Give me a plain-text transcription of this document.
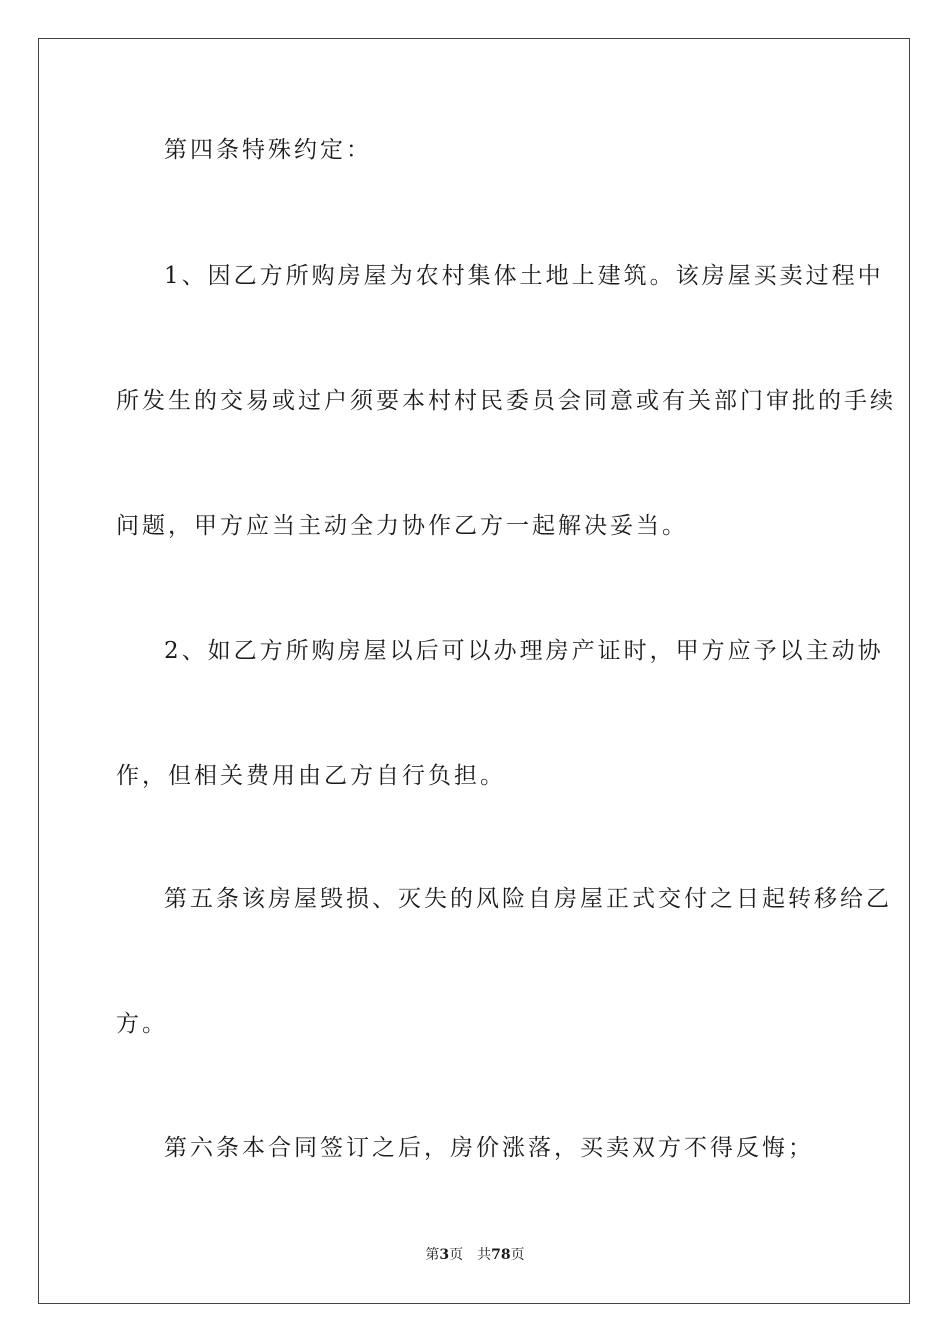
第四条特殊约定：
1、因乙方所购房屋为农村集体土地上建筑。该房屋买卖过程中
所发生的交易或过户须要本村村民委员会同意或有关部门审批的手续
问题，甲方应当主动全力协作乙方一起解决妥当。
2、如乙方所购房屋以后可以办理房产证时，甲方应予以主动协
作，但相关费用由乙方自行负担。
第五条该房屋毁损、灭失的风险自房屋正式交付之日起转移给乙
方。
第六条本合同签订之后，房价涨落，买卖双方不得反悔；
第3页 共78页
